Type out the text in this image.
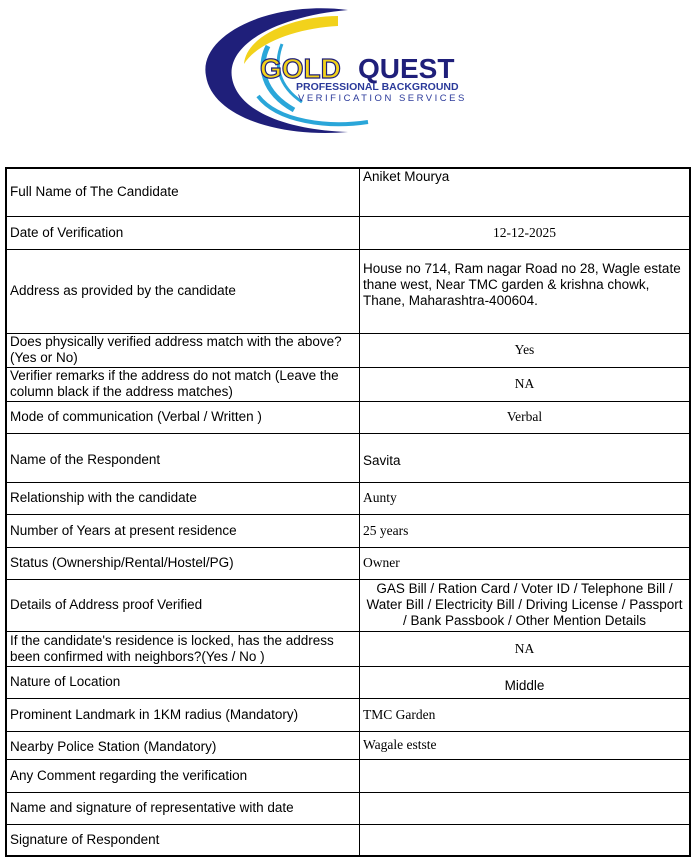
GOLD QUEST
PROFESSIONAL BACKGROUND
VERIFICATION SERVICES
Full Name of The Candidate	Aniket Mourya
Date of Verification	12-12-2025
Address as provided by the candidate	House no 714, Ram nagar Road no 28, Wagle estate thane west, Near TMC garden & krishna chowk, Thane, Maharashtra-400604.
Does physically verified address match with the above?(Yes or No)	Yes
Verifier remarks if the address do not match (Leave the column black if the address matches)	NA
Mode of communication (Verbal / Written )	Verbal
Name of the Respondent	Savita
Relationship with the candidate	Aunty
Number of Years at present residence	25 years
Status (Ownership/Rental/Hostel/PG)	Owner
Details of Address proof Verified	GAS Bill / Ration Card / Voter ID / Telephone Bill / Water Bill / Electricity Bill / Driving License / Passport / Bank Passbook / Other Mention Details
If the candidate's residence is locked, has the address been confirmed with neighbors?(Yes / No )	NA
Nature of Location	Middle
Prominent Landmark in 1KM radius (Mandatory)	TMC Garden
Nearby Police Station (Mandatory)	Wagale estste
Any Comment regarding the verification	
Name and signature of representative with date	
Signature of Respondent	
